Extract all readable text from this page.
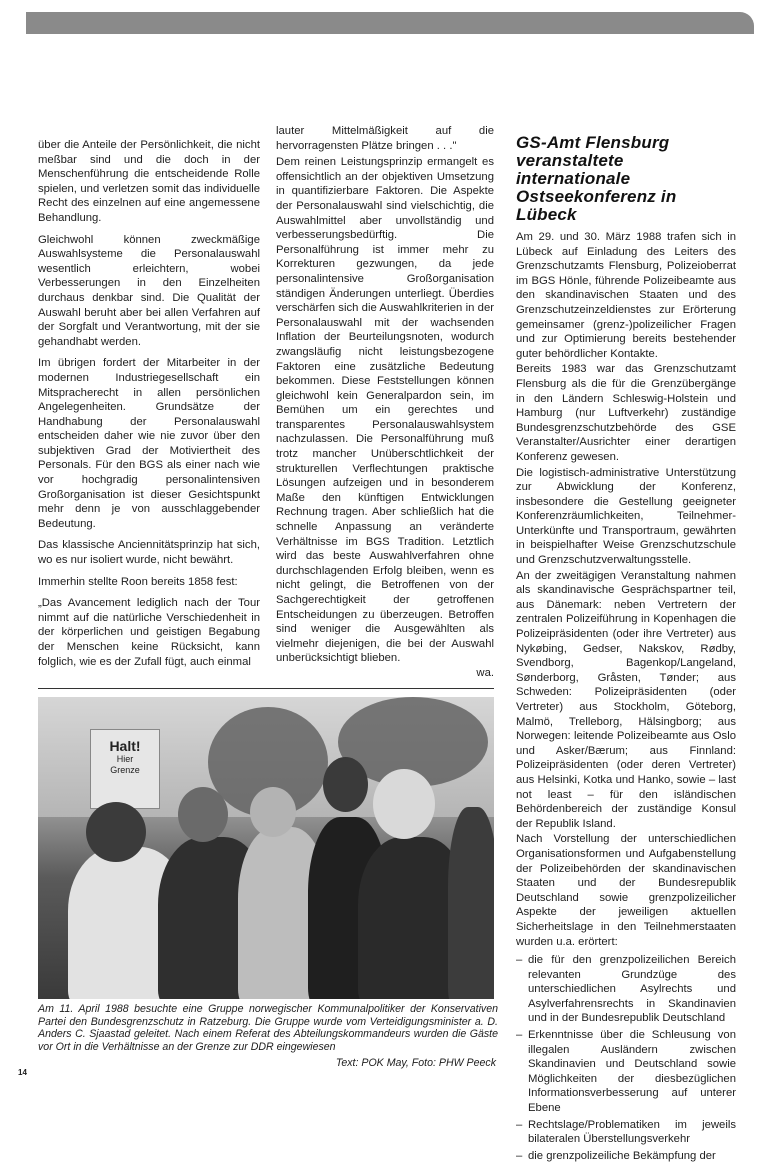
über die Anteile der Persönlichkeit, die nicht meßbar sind und die doch in der Menschenführung die entscheidende Rolle spielen, und verletzen somit das individuelle Recht des einzelnen auf eine angemessene Behandlung.

Gleichwohl können zweckmäßige Auswahlsysteme die Personalauswahl wesentlich erleichtern, wobei Verbesserungen in den Einzelheiten durchaus denkbar sind. Die Qualität der Auswahl beruht aber bei allen Verfahren auf der Sorgfalt und Verantwortung, mit der sie gehandhabt werden.

Im übrigen fordert der Mitarbeiter in der modernen Industriegesellschaft ein Mitspracherecht in allen persönlichen Angelegenheiten. Grundsätze der Handhabung der Personalauswahl entscheiden daher wie nie zuvor über den subjektiven Grad der Motiviertheit des Personals. Für den BGS als einer nach wie vor hochgradig personalintensiven Großorganisation ist dieser Gesichtspunkt mehr denn je von ausschlaggebender Bedeutung.

Das klassische Anciennitätsprinzip hat sich, wo es nur isoliert wurde, nicht bewährt.

Immerhin stellte Roon bereits 1858 fest:

„Das Avancement lediglich nach der Tour nimmt auf die natürliche Verschiedenheit in der körperlichen und geistigen Begabung der Menschen keine Rücksicht, kann folglich, wie es der Zufall fügt, auch einmal

lauter Mittelmäßigkeit auf die hervorragensten Plätze bringen . . ."

Dem reinen Leistungsprinzip ermangelt es offensichtlich an der objektiven Umsetzung in quantifizierbare Faktoren. Die Aspekte der Personalauswahl sind vielschichtig, die Auswahlmittel aber unvollständig und verbesserungsbedürftig. Die Personalführung ist immer mehr zu Korrekturen gezwungen, da jede personalintensive Großorganisation ständigen Änderungen unterliegt. Überdies verschärfen sich die Auswahlkriterien in der Personalauswahl mit der wachsenden Inflation der Beurteilungsnoten, wodurch zwangsläufig nicht leistungsbezogene Faktoren eine zusätzliche Bedeutung bekommen. Diese Feststellungen können gleichwohl kein Generalpardon sein, im Bemühen um ein gerechtes und transparentes Personalauswahlsystem nachzulassen. Die Personalführung muß trotz mancher Unüberschtlichkeit der strukturellen Verflechtungen praktische Lösungen aufzeigen und in besonderem Maße den künftigen Entwicklungen Rechnung tragen. Aber schließlich hat die schnelle Anpassung an veränderte Verhältnisse im BGS Tradition. Letztlich wird das beste Auswahlverfahren ohne durchschlagenden Erfolg bleiben, wenn es nicht gelingt, die Betroffenen von der Sachgerechtigkeit der getroffenen Entscheidungen zu überzeugen. Betroffen sind weniger die Ausgewählten als vielmehr diejenigen, die bei der Auswahl unberücksichtigt blieben.

wa.

GS-Amt Flensburg veranstaltete internationale Ostseekonferenz in Lübeck

Am 29. und 30. März 1988 trafen sich in Lübeck auf Einladung des Leiters des Grenzschutzamts Flensburg, Polizeioberrat im BGS Hönle, führende Polizeibeamte aus den skandinavischen Staaten und des Grenzschutzeinzeldienstes zur Erörterung gemeinsamer (grenz-)polizeilicher Fragen und zur Optimierung bereits bestehender guter behördlicher Kontakte.

Bereits 1983 war das Grenzschutzamt Flensburg als die für die Grenzübergänge in den Ländern Schleswig-Holstein und Hamburg (nur Luftverkehr) zuständige Bundesgrenzschutzbehörde des GSE Veranstalter/Ausrichter einer derartigen Konferenz gewesen.

Die logistisch-administrative Unterstützung zur Abwicklung der Konferenz, insbesondere die Gestellung geeigneter Konferenzräumlichkeiten, Teilnehmer-Unterkünfte und Transportraum, gewährten in beispielhafter Weise Grenzschutzschule und Grenzschutzverwaltungsstelle.

An der zweitägigen Veranstaltung nahmen als skandinavische Gesprächspartner teil, aus Dänemark: neben Vertretern der zentralen Polizeiführung in Kopenhagen die Polizeipräsidenten (oder ihre Vertreter) aus Nykøbing, Gedser, Nakskov, Rødby, Svendborg, Bagenkop/Langeland, Sønderborg, Gråsten, Tønder; aus Schweden: Polizeipräsidenten (oder Vertreter) aus Stockholm, Göteborg, Malmö, Trelleborg, Hälsingborg; aus Norwegen: leitende Polizeibeamte aus Oslo und Asker/Bærum; aus Finnland: Polizeipräsidenten (oder deren Vertreter) aus Helsinki, Kotka und Hanko, sowie – last not least – für den isländischen Behördenbereich der zuständige Konsul der Republik Island.

Nach Vorstellung der unterschiedlichen Organisationsformen und Aufgabenstellung der Polizeibehörden der skandinavischen Staaten und der Bundesrepublik Deutschland sowie grenzpolizeilicher Aspekte der jeweiligen aktuellen Sicherheitslage in den Teilnehmerstaaten wurden u.a. erörtert:

– die für den grenzpolizeilichen Bereich relevanten Grundzüge des unterschiedlichen Asylrechts und Asylverfahrensrechts in Skandinavien und in der Bundesrepublik Deutschland
– Erkenntnisse über die Schleusung von illegalen Ausländern zwischen Skandinavien und Deutschland sowie Möglichkeiten der diesbezüglichen Informationsverbesserung auf unterer Ebene
– Rechtslage/Problematiken im jeweils bilateralen Überstellungsverkehr
– die grenzpolizeiliche Bekämpfung der
Halt!
Hier
Grenze
Am 11. April 1988 besuchte eine Gruppe norwegischer Kommunalpolitiker der Konservativen Partei den Bundesgrenzschutz in Ratzeburg. Die Gruppe wurde vom Verteidigungsminister a. D. Anders C. Sjaastad geleitet. Nach einem Referat des Abteilungskommandeurs wurden die Gäste vor Ort in die Verhältnisse an der Grenze zur DDR eingewiesen
Text: POK May, Foto: PHW Peeck
14
